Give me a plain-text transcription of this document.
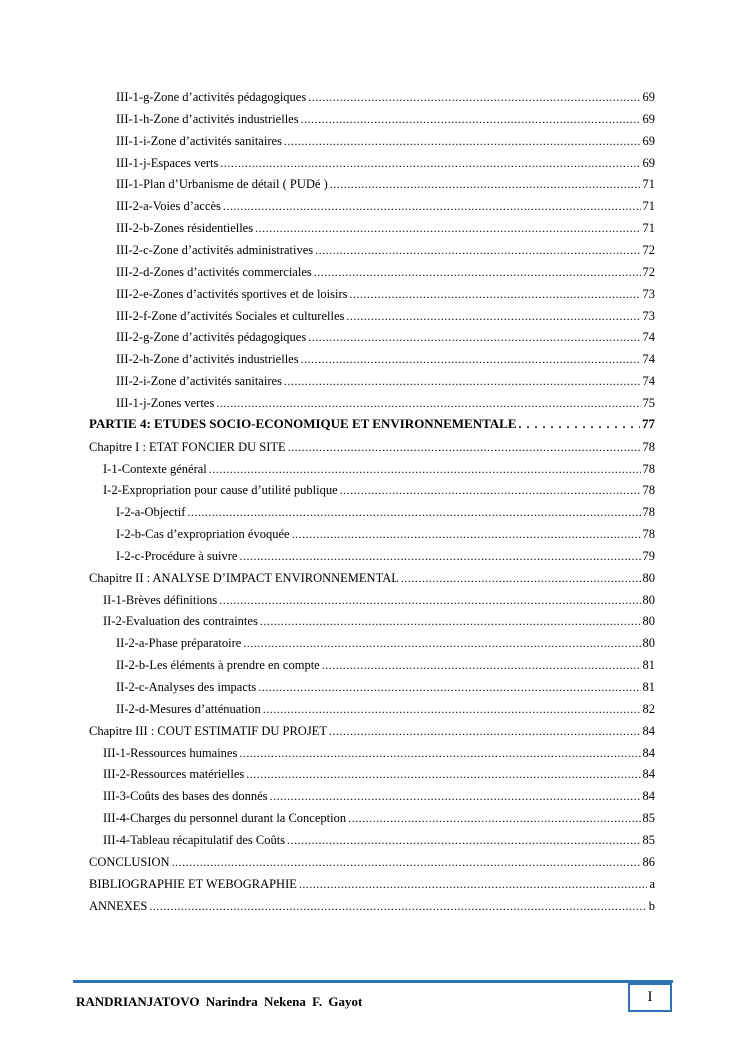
III-1-g-Zone d’activités pédagogiques .....	69
III-1-h-Zone d’activités industrielles .....	69
III-1-i-Zone d’activités sanitaires .....	69
III-1-j-Espaces verts .....	69
III-1-Plan d’Urbanisme de détail ( PUDé ) .....	71
III-2-a-Voies d’accès .....	71
III-2-b-Zones résidentielles .....	71
III-2-c-Zone d’activités administratives .....	72
III-2-d-Zones d’activités commerciales .....	72
III-2-e-Zones d’activités sportives et de loisirs .....	73
III-2-f-Zone d’activités Sociales et culturelles .....	73
III-2-g-Zone d’activités pédagogiques .....	74
III-2-h-Zone d’activités industrielles .....	74
III-2-i-Zone d’activités sanitaires .....	74
III-1-j-Zones vertes .....	75
PARTIE 4: ETUDES SOCIO-ECONOMIQUE ET ENVIRONNEMENTALE . . .	77
Chapitre I : ETAT FONCIER DU SITE .....	78
I-1-Contexte général .....	78
I-2-Expropriation pour cause d’utilité publique .....	78
I-2-a-Objectif .....	78
I-2-b-Cas d’expropriation évoquée .....	78
I-2-c-Procédure à suivre .....	79
Chapitre II : ANALYSE D’IMPACT ENVIRONNEMENTAL .....	80
II-1-Brèves définitions .....	80
II-2-Evaluation des contraintes .....	80
II-2-a-Phase préparatoire .....	80
II-2-b-Les éléments à prendre en compte .....	81
II-2-c-Analyses des impacts .....	81
II-2-d-Mesures d’atténuation .....	82
Chapitre III : COUT ESTIMATIF DU PROJET .....	84
III-1-Ressources humaines .....	84
III-2-Ressources matérielles .....	84
III-3-Coûts des bases des donnés .....	84
III-4-Charges du personnel durant la Conception .....	85
III-4-Tableau récapitulatif des Coûts .....	85
CONCLUSION .....	86
BIBLIOGRAPHIE ET WEBOGRAPHIE .....	a
ANNEXES .....	b
RANDRIANJATOVO Narindra Nekena F. Gayot	I
